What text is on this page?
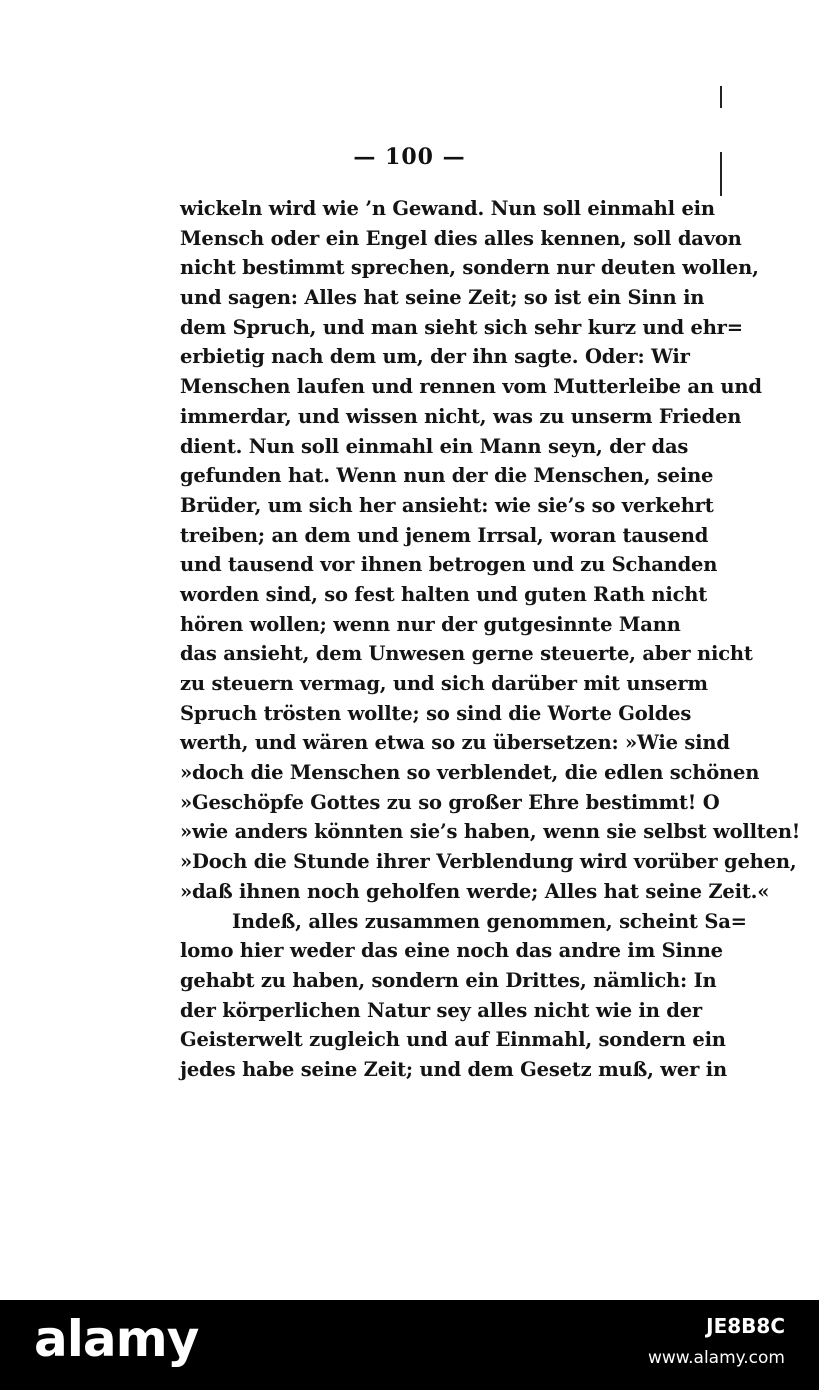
— 100 —
wickeln wird wie ’n Gewand. Nun soll einmahl ein
Mensch oder ein Engel dies alles kennen, soll davon
nicht bestimmt sprechen, sondern nur deuten wollen,
und sagen: Alles hat seine Zeit; so ist ein Sinn in
dem Spruch, und man sieht sich sehr kurz und ehr=
erbietig nach dem um, der ihn sagte. Oder: Wir
Menschen laufen und rennen vom Mutterleibe an und
immerdar, und wissen nicht, was zu unserm Frieden
dient. Nun soll einmahl ein Mann seyn, der das
gefunden hat. Wenn nun der die Menschen, seine
Brüder, um sich her ansieht: wie sie’s so verkehrt
treiben; an dem und jenem Irrsal, woran tausend
und tausend vor ihnen betrogen und zu Schanden
worden sind, so fest halten und guten Rath nicht
hören wollen; wenn nur der gutgesinnte Mann
das ansieht, dem Unwesen gerne steuerte, aber nicht
zu steuern vermag, und sich darüber mit unserm
Spruch trösten wollte; so sind die Worte Goldes
werth, und wären etwa so zu übersetzen: »Wie sind
»doch die Menschen so verblendet, die edlen schönen
»Geschöpfe Gottes zu so großer Ehre bestimmt! O
»wie anders könnten sie’s haben, wenn sie selbst wollten!
»Doch die Stunde ihrer Verblendung wird vorüber gehen,
»daß ihnen noch geholfen werde; Alles hat seine Zeit.«
Indeß, alles zusammen genommen, scheint Sa=
lomo hier weder das eine noch das andre im Sinne
gehabt zu haben, sondern ein Drittes, nämlich: In
der körperlichen Natur sey alles nicht wie in der
Geisterwelt zugleich und auf Einmahl, sondern ein
jedes habe seine Zeit; und dem Gesetz muß, wer in
alamy	JE8B8C
www.alamy.com
